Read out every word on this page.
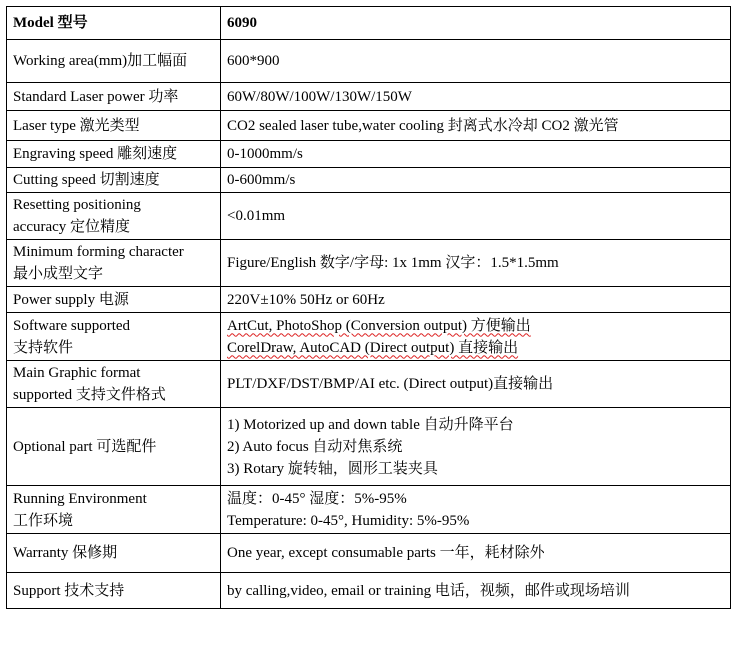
Model 型号	6090

Working area(mm)加工幅面	600*900

Standard Laser power 功率	60W/80W/100W/130W/150W

Laser type 激光类型	CO2 sealed laser tube,water cooling 封离式水冷却 CO2 激光管

Engraving speed 雕刻速度	0-1000mm/s

Cutting speed 切割速度	0-600mm/s

Resetting positioning
accuracy 定位精度	<0.01mm

Minimum forming character
最小成型文字	Figure/English 数字/字母: 1x 1mm 汉字：1.5*1.5mm

Power supply 电源	220V±10% 50Hz or 60Hz

Software supported
支持软件	ArtCut, PhotoShop (Conversion output) 方便输出
CorelDraw, AutoCAD (Direct output) 直接输出

Main Graphic format
supported 支持文件格式	PLT/DXF/DST/BMP/AI etc. (Direct output)直接输出

Optional part 可选配件	1) Motorized up and down table 自动升降平台
2) Auto focus 自动对焦系统
3) Rotary 旋转轴，圆形工装夹具

Running Environment
工作环境	温度：0-45° 湿度：5%-95%
Temperature: 0-45°, Humidity: 5%-95%

Warranty 保修期	One year, except consumable parts 一年，耗材除外

Support 技术支持	by calling,video, email or training 电话，视频，邮件或现场培训
